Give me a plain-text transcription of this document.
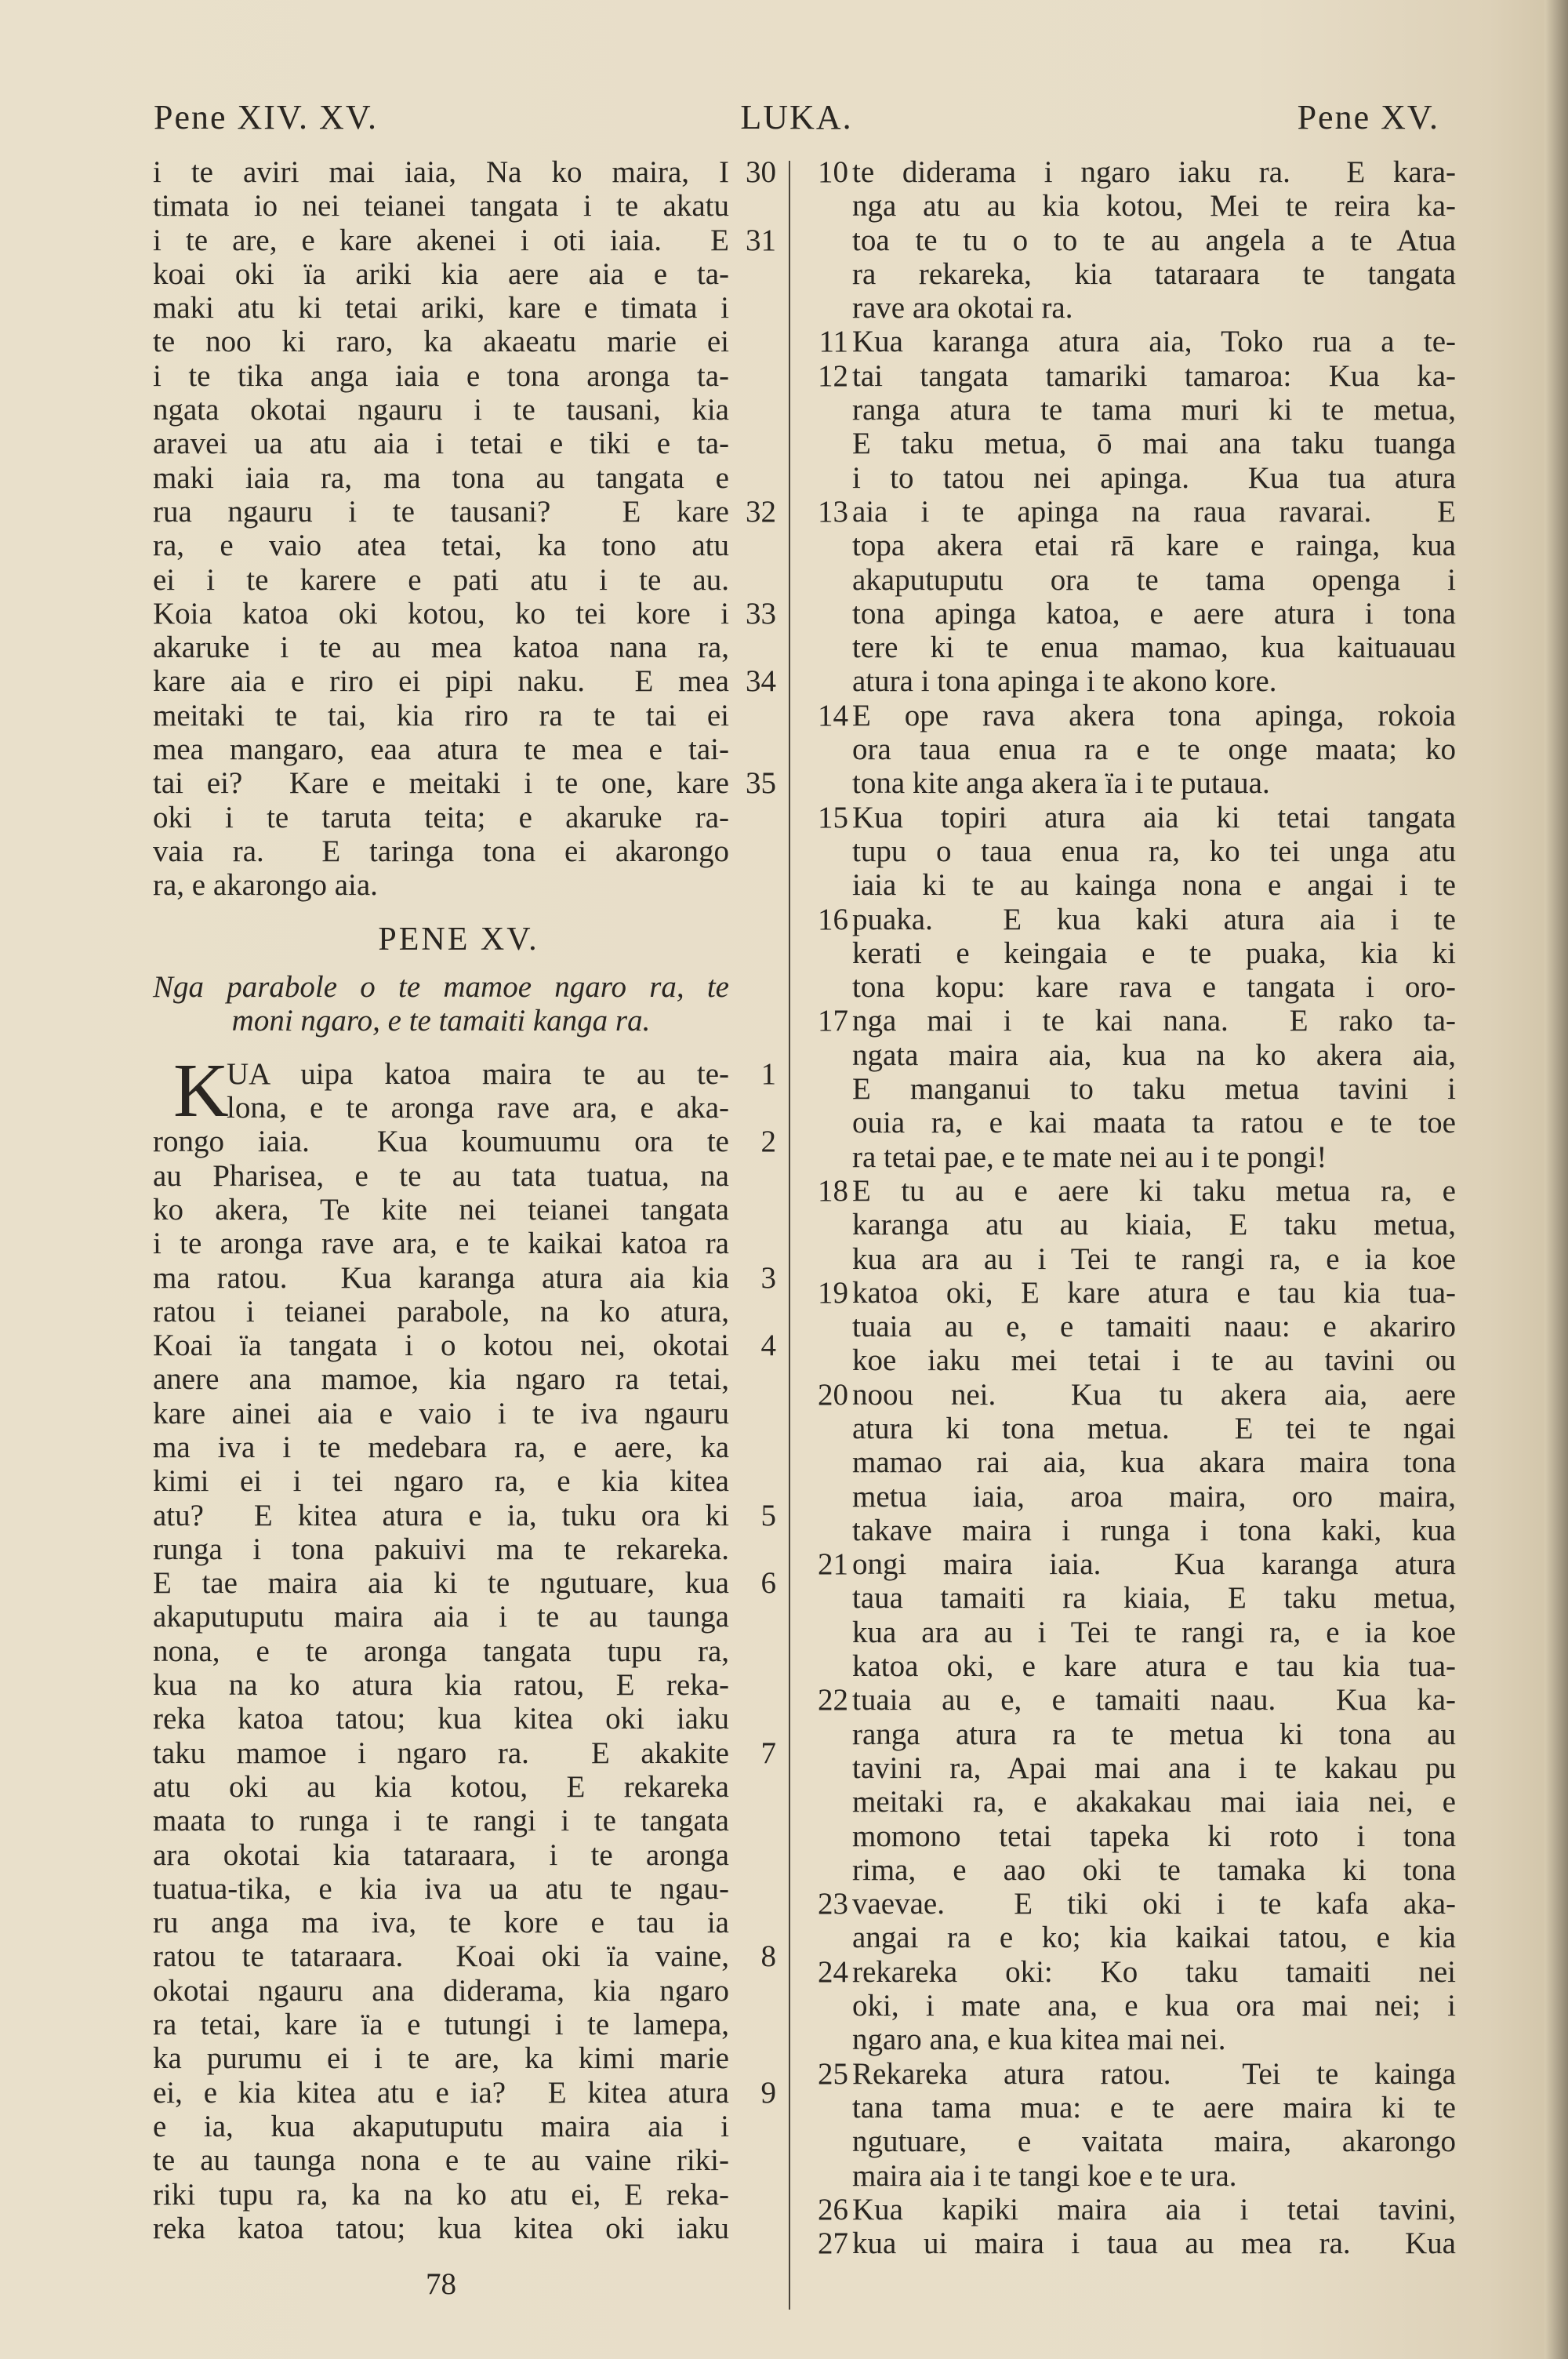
Pene XIV. XV.	LUKA.	Pene XV.
i te aviri mai iaia, Na ko maira, I 30
timata io nei teianei tangata i te akatu
i te are, e kare akenei i oti iaia.  E 31
koai oki ïa ariki kia aere aia e ta-
maki atu ki tetai ariki, kare e timata i
te noo ki raro, ka akaeatu marie ei
i te tika anga iaia e tona aronga ta-
ngata okotai ngauru i te tausani, kia
aravei ua atu aia i tetai e tiki e ta-
maki iaia ra, ma tona au tangata e
rua ngauru i te tausani?  E kare 32
ra, e vaio atea tetai, ka tono atu
ei i te karere e pati atu i te au.
Koia katoa oki kotou, ko tei kore i 33
akaruke i te au mea katoa nana ra,
kare aia e riro ei pipi naku.  E mea 34
meitaki te tai, kia riro ra te tai ei
mea mangaro, eaa atura te mea e tai-
tai ei?  Kare e meitaki i te one, kare 35
oki i te taruta teita; e akaruke ra-
vaia ra.  E taringa tona ei akarongo
ra, e akarongo aia.
PENE XV.
Nga parabole o te mamoe ngaro ra, te
moni ngaro, e te tamaiti kanga ra.
K
UA uipa katoa maira te au te-	1
lona, e te aronga rave ara, e aka-
rongo iaia.  Kua koumuumu ora te	2
au Pharisea, e te au tata tuatua, na
ko akera, Te kite nei teianei tangata
i te aronga rave ara, e te kaikai katoa ra
ma ratou.  Kua karanga atura aia kia	3
ratou i teianei parabole, na ko atura,
Koai ïa tangata i o kotou nei, okotai	4
anere ana mamoe, kia ngaro ra tetai,
kare ainei aia e vaio i te iva ngauru
ma iva i te medebara ra, e aere, ka
kimi ei i tei ngaro ra, e kia kitea
atu?  E kitea atura e ia, tuku ora ki	5
runga i tona pakuivi ma te rekareka.
E tae maira aia ki te ngutuare, kua	6
akaputuputu maira aia i te au taunga
nona, e te aronga tangata tupu ra,
kua na ko atura kia ratou, E reka-
reka katoa tatou; kua kitea oki iaku
taku mamoe i ngaro ra.  E akakite	7
atu oki au kia kotou, E rekareka
maata to runga i te rangi i te tangata
ara okotai kia tataraara, i te aronga
tuatua-tika, e kia iva ua atu te ngau-
ru anga ma iva, te kore e tau ia
ratou te tataraara.  Koai oki ïa vaine,	8
okotai ngauru ana diderama, kia ngaro
ra tetai, kare ïa e tutungi i te lamepa,
ka purumu ei i te are, ka kimi marie
ei, e kia kitea atu e ia?  E kitea atura	9
e ia, kua akaputuputu maira aia i
te au taunga nona e te au vaine riki-
riki tupu ra, ka na ko atu ei, E reka-
reka katoa tatou; kua kitea oki iaku
te diderama i ngaro iaku ra.  E kara-
10
nga atu au kia kotou, Mei te reira ka-
toa te tu o to te au angela a te Atua
ra rekareka, kia tataraara te tangata
rave ara okotai ra.
Kua karanga atura aia, Toko rua a te-
11
tai tangata tamariki tamaroa: Kua ka-
12
ranga atura te tama muri ki te metua,
E taku metua, ō mai ana taku tuanga
i to tatou nei apinga.  Kua tua atura
aia i te apinga na raua ravarai.  E
13
topa akera etai rā kare e rainga, kua
akaputuputu ora te tama openga i
tona apinga katoa, e aere atura i tona
tere ki te enua mamao, kua kaituauau
atura i tona apinga i te akono kore.
E ope rava akera tona apinga, rokoia
14
ora taua enua ra e te onge maata; ko
tona kite anga akera ïa i te putaua.
Kua topiri atura aia ki tetai tangata
15
tupu o taua enua ra, ko tei unga atu
iaia ki te au kainga nona e angai i te
puaka.  E kua kaki atura aia i te
16
kerati e keingaia e te puaka, kia ki
tona kopu: kare rava e tangata i oro-
nga mai i te kai nana.  E rako ta-
17
ngata maira aia, kua na ko akera aia,
E manganui to taku metua tavini i
ouia ra, e kai maata ta ratou e te toe
ra tetai pae, e te mate nei au i te pongi!
E tu au e aere ki taku metua ra, e
18
karanga atu au kiaia, E taku metua,
kua ara au i Tei te rangi ra, e ia koe
katoa oki, E kare atura e tau kia tua-
19
tuaia au e, e tamaiti naau: e akariro
koe iaku mei tetai i te au tavini ou
noou nei.  Kua tu akera aia, aere
20
atura ki tona metua.  E tei te ngai
mamao rai aia, kua akara maira tona
metua iaia, aroa maira, oro maira,
takave maira i runga i tona kaki, kua
ongi maira iaia.  Kua karanga atura
21
taua tamaiti ra kiaia, E taku metua,
kua ara au i Tei te rangi ra, e ia koe
katoa oki, e kare atura e tau kia tua-
tuaia au e, e tamaiti naau.  Kua ka-
22
ranga atura ra te metua ki tona au
tavini ra, Apai mai ana i te kakau pu
meitaki ra, e akakakau mai iaia nei, e
momono tetai tapeka ki roto i tona
rima, e aao oki te tamaka ki tona
vaevae.  E tiki oki i te kafa aka-
23
angai ra e ko; kia kaikai tatou, e kia
rekareka oki: Ko taku tamaiti nei
24
oki, i mate ana, e kua ora mai nei; i
ngaro ana, e kua kitea mai nei.
Rekareka atura ratou.  Tei te kainga
25
tana tama mua: e te aere maira ki te
ngutuare, e vaitata maira, akarongo
maira aia i te tangi koe e te ura.
Kua kapiki maira aia i tetai tavini,
26
kua ui maira i taua au mea ra.  Kua
27
78
